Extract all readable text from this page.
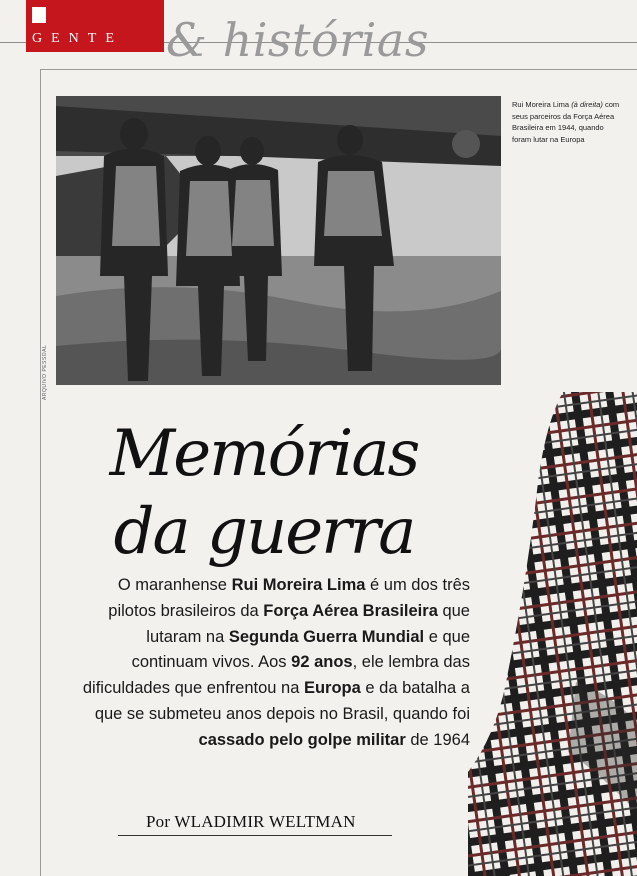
GENTE & histórias
ARQUIVO PESSOAL
Rui Moreira Lima (à direita) com seus parceiros da Força Aérea Brasileira em 1944, quando foram lutar na Europa
Memórias
da guerra
O maranhense Rui Moreira Lima é um dos três pilotos brasileiros da Força Aérea Brasileira que lutaram na Segunda Guerra Mundial e que continuam vivos. Aos 92 anos, ele lembra das dificuldades que enfrentou na Europa e da batalha a que se submeteu anos depois no Brasil, quando foi cassado pelo golpe militar de 1964
Por WLADIMIR WELTMAN
